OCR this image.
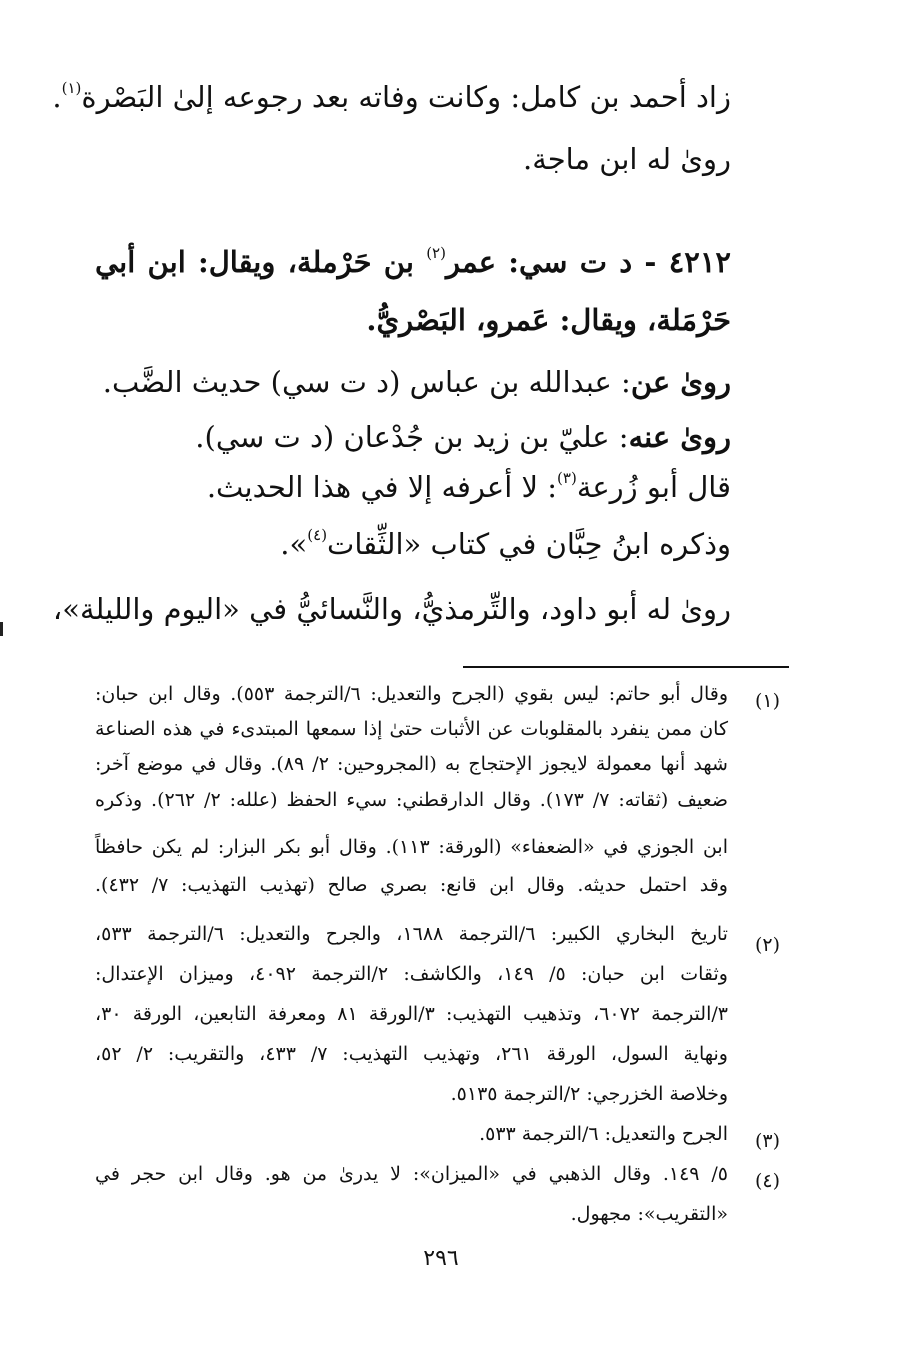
زاد أحمد بن كامل: وكانت وفاته بعد رجوعه إلىٰ البَصْرة$^{(١)}$.
رویٰ له ابن ماجة.
٤٢١٢ - د ت سي: عمر$^{(٢)}$ بن حَرْملة، ويقال: ابن أبي
حَرْمَلة، ويقال: عَمرو، البَصْريُّ.
روىٰ عن: عبدالله بن عباس (د ت سي) حديث الضَّب.
رویٰ عنه: عليّ بن زيد بن جُدْعان (د ت سي).
قال أبو زُرعة$^{(٣)}$: لا أعرفه إلا في هذا الحديث.
وذكره ابنُ حِبَّان في كتاب «الثِّقات$^{(٤)}$».
رویٰ له أبو داود، والتِّرمذيُّ، والنَّسائيُّ في «اليوم والليلة»،
(١)
وقال أبو حاتم: ليس بقوي (الجرح والتعديل: ٦/الترجمة ٥٥٣). وقال ابن حبان:
كان ممن ينفرد بالمقلوبات عن الأثبات حتىٰ إذا سمعها المبتدىء في هذه الصناعة
شهد أنها معمولة لايجوز الإحتجاج به (المجروحين: ٢/ ٨٩). وقال في موضع آخر:
ضعيف (ثقاته: ٧/ ١٧٣). وقال الدارقطني: سيء الحفظ (علله: ٢/ ٢٦٢). وذكره
ابن الجوزي في «الضعفاء» (الورقة: ١١٣). وقال أبو بكر البزار: لم يكن حافظاً
وقد احتمل حديثه. وقال ابن قانع: بصري صالح (تهذيب التهذيب: ٧/ ٤٣٢).
(٢)
تاريخ البخاري الكبير: ٦/الترجمة ١٦٨٨، والجرح والتعديل: ٦/الترجمة ٥٣٣،
وثقات ابن حبان: ٥/ ١٤٩، والكاشف: ٢/الترجمة ٤٠٩٢، وميزان الإعتدال:
٣/الترجمة ٦٠٧٢، وتذهيب التهذيب: ٣/الورقة ٨١ ومعرفة التابعين، الورقة ٣٠،
ونهاية السول، الورقة ٢٦١، وتهذيب التهذيب: ٧/ ٤٣٣، والتقريب: ٢/ ٥٢،
وخلاصة الخزرجي: ٢/الترجمة ٥١٣٥.
(٣)
الجرح والتعديل: ٦/الترجمة ٥٣٣.
(٤)
٥/ ١٤٩. وقال الذهبي في «الميزان»: لا يدرىٰ من هو. وقال ابن حجر في
«التقريب»: مجهول.
٢٩٦
